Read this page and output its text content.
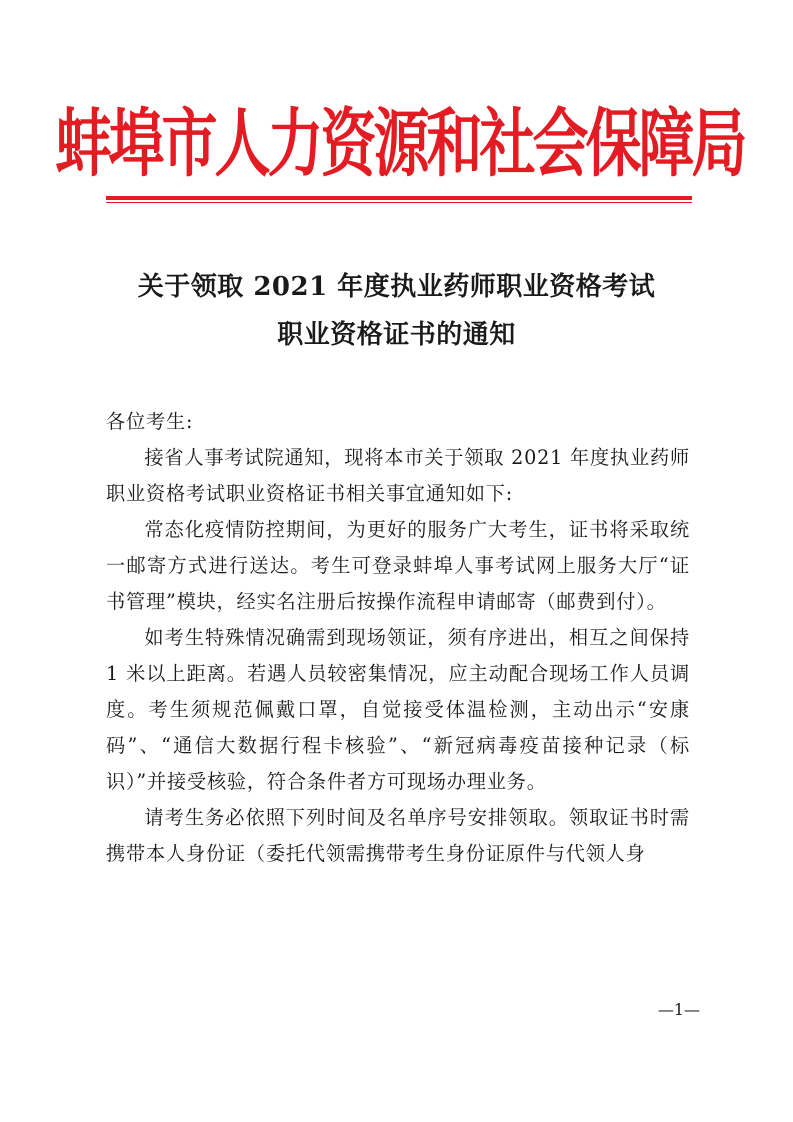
蚌埠市人力资源和社会保障局
关于领取 2021 年度执业药师职业资格考试
职业资格证书的通知
各位考生:

接省人事考试院通知，现将本市关于领取 2021 年度执业药师职业资格考试职业资格证书相关事宜通知如下:

常态化疫情防控期间，为更好的服务广大考生，证书将采取统一邮寄方式进行送达。考生可登录蚌埠人事考试网上服务大厅“证书管理”模块，经实名注册后按操作流程申请邮寄（邮费到付）。

如考生特殊情况确需到现场领证，须有序进出，相互之间保持 1 米以上距离。若遇人员较密集情况，应主动配合现场工作人员调度。考生须规范佩戴口罩，自觉接受体温检测，主动出示“安康码”、“通信大数据行程卡核验”、“新冠病毒疫苗接种记录（标识）”并接受核验，符合条件者方可现场办理业务。

请考生务必依照下列时间及名单序号安排领取。领取证书时需携带本人身份证（委托代领需携带考生身份证原件与代领人身

—1—
